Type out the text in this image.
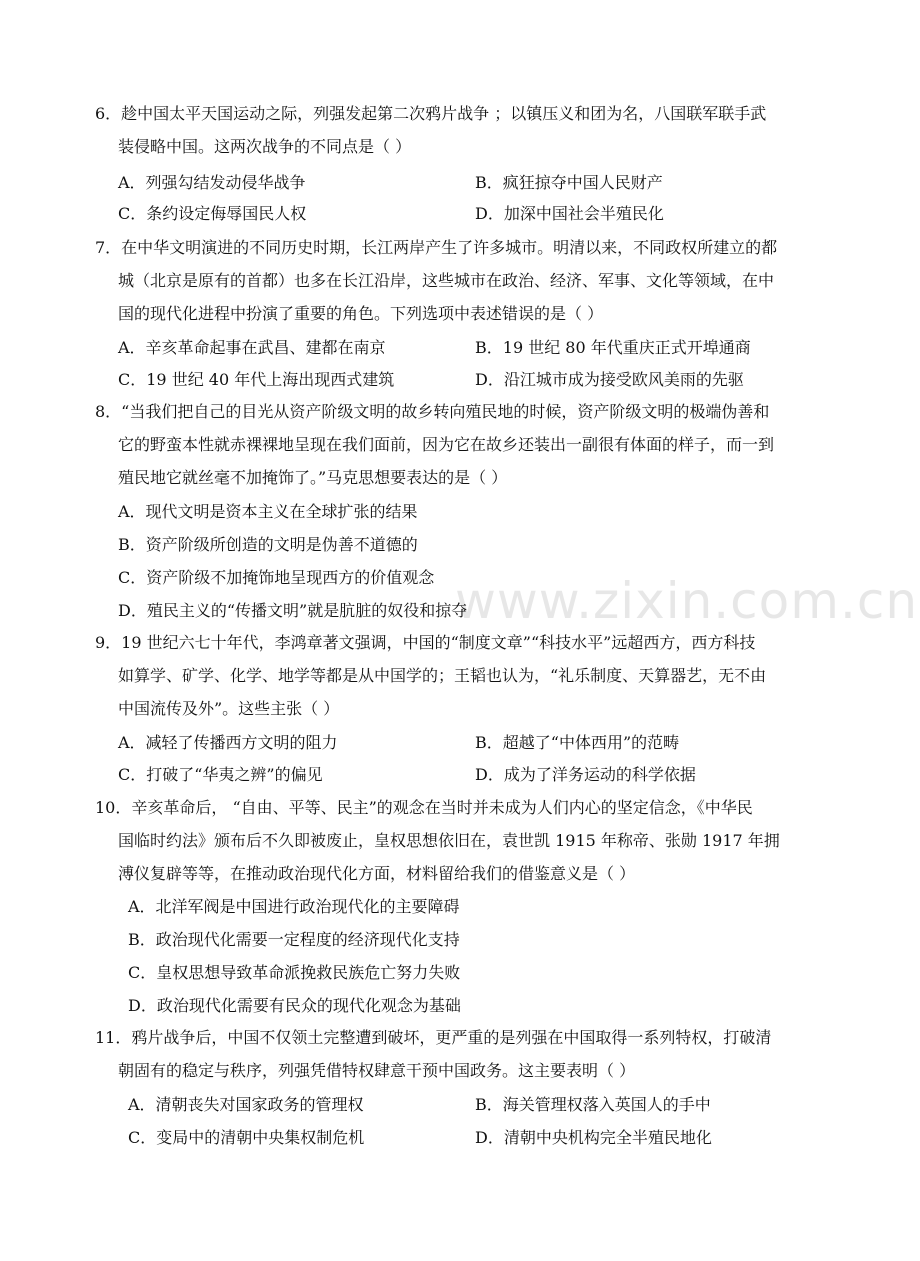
www.zixin.com.cn
6．趁中国太平天国运动之际，列强发起第二次鸦片战争 ；以镇压义和团为名，八国联军联手武
装侵略中国。这两次战争的不同点是（ ）
A．列强勾结发动侵华战争	B．疯狂掠夺中国人民财产
C．条约设定侮辱国民人权	D．加深中国社会半殖民化
7．在中华文明演进的不同历史时期，长江两岸产生了许多城市。明清以来，不同政权所建立的都
城（北京是原有的首都）也多在长江沿岸，这些城市在政治、经济、军事、文化等领域，在中
国的现代化进程中扮演了重要的角色。下列选项中表述错误的是（ ）
A．辛亥革命起事在武昌、建都在南京	B．19 世纪 80 年代重庆正式开埠通商
C．19 世纪 40 年代上海出现西式建筑	D．沿江城市成为接受欧风美雨的先驱
8．“当我们把自己的目光从资产阶级文明的故乡转向殖民地的时候，资产阶级文明的极端伪善和
它的野蛮本性就赤裸裸地呈现在我们面前，因为它在故乡还装出一副很有体面的样子，而一到
殖民地它就丝毫不加掩饰了。”马克思想要表达的是（ ）
A．现代文明是资本主义在全球扩张的结果
B．资产阶级所创造的文明是伪善不道德的
C．资产阶级不加掩饰地呈现西方的价值观念
D．殖民主义的“传播文明”就是肮脏的奴役和掠夺
9．19 世纪六七十年代，李鸿章著文强调，中国的“制度文章”“科技水平”远超西方，西方科技
如算学、矿学、化学、地学等都是从中国学的；王韬也认为，“礼乐制度、天算器艺，无不由
中国流传及外”。这些主张（ ）
A．减轻了传播西方文明的阻力	B．超越了“中体西用”的范畴
C．打破了“华夷之辨”的偏见	D．成为了洋务运动的科学依据
10．辛亥革命后， “自由、平等、民主”的观念在当时并未成为人们内心的坚定信念，《中华民
国临时约法》颁布后不久即被废止，皇权思想依旧在，袁世凯 1915 年称帝、张勋 1917 年拥
溥仪复辟等等，在推动政治现代化方面，材料留给我们的借鉴意义是（ ）
A．北洋军阀是中国进行政治现代化的主要障碍
B．政治现代化需要一定程度的经济现代化支持
C．皇权思想导致革命派挽救民族危亡努力失败
D．政治现代化需要有民众的现代化观念为基础
11．鸦片战争后，中国不仅领土完整遭到破坏，更严重的是列强在中国取得一系列特权，打破清
朝固有的稳定与秩序，列强凭借特权肆意干预中国政务。这主要表明（ ）
A．清朝丧失对国家政务的管理权	B．海关管理权落入英国人的手中
C．变局中的清朝中央集权制危机	D．清朝中央机构完全半殖民地化
